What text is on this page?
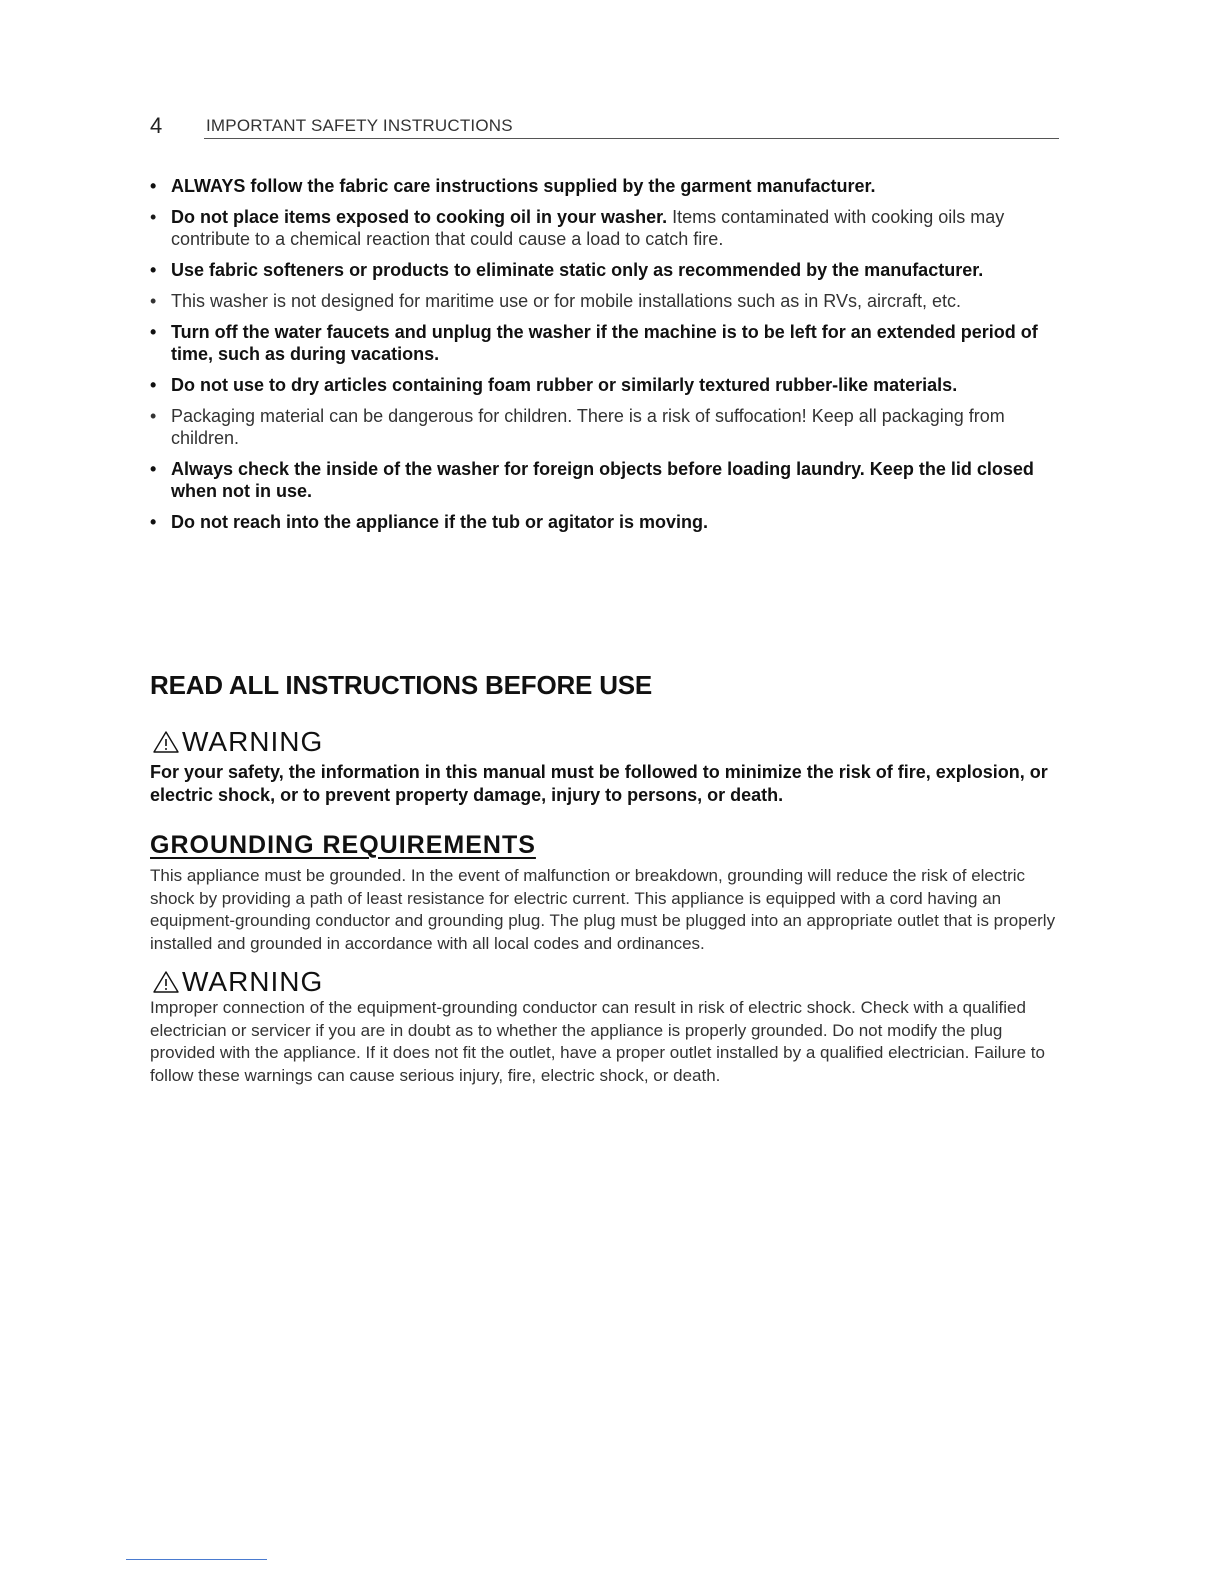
4	IMPORTANT SAFETY INSTRUCTIONS
• ALWAYS follow the fabric care instructions supplied by the garment manufacturer.
• Do not place items exposed to cooking oil in your washer. Items contaminated with cooking oils may contribute to a chemical reaction that could cause a load to catch fire.
• Use fabric softeners or products to eliminate static only as recommended by the manufacturer.
• This washer is not designed for maritime use or for mobile installations such as in RVs, aircraft, etc.
• Turn off the water faucets and unplug the washer if the machine is to be left for an extended period of time, such as during vacations.
• Do not use to dry articles containing foam rubber or similarly textured rubber-like materials.
• Packaging material can be dangerous for children. There is a risk of suffocation! Keep all packaging from children.
• Always check the inside of the washer for foreign objects before loading laundry. Keep the lid closed when not in use.
• Do not reach into the appliance if the tub or agitator is moving.
READ ALL INSTRUCTIONS BEFORE USE
WARNING
For your safety, the information in this manual must be followed to minimize the risk of fire, explosion, or electric shock, or to prevent property damage, injury to persons, or death.
GROUNDING REQUIREMENTS
This appliance must be grounded. In the event of malfunction or breakdown, grounding will reduce the risk of electric shock by providing a path of least resistance for electric current. This appliance is equipped with a cord having an equipment-grounding conductor and grounding plug. The plug must be plugged into an appropriate outlet that is properly installed and grounded in accordance with all local codes and ordinances.
WARNING
Improper connection of the equipment-grounding conductor can result in risk of electric shock. Check with a qualified electrician or servicer if you are in doubt as to whether the appliance is properly grounded. Do not modify the plug provided with the appliance. If it does not fit the outlet, have a proper outlet installed by a qualified electrician. Failure to follow these warnings can cause serious injury, fire, electric shock, or death.
